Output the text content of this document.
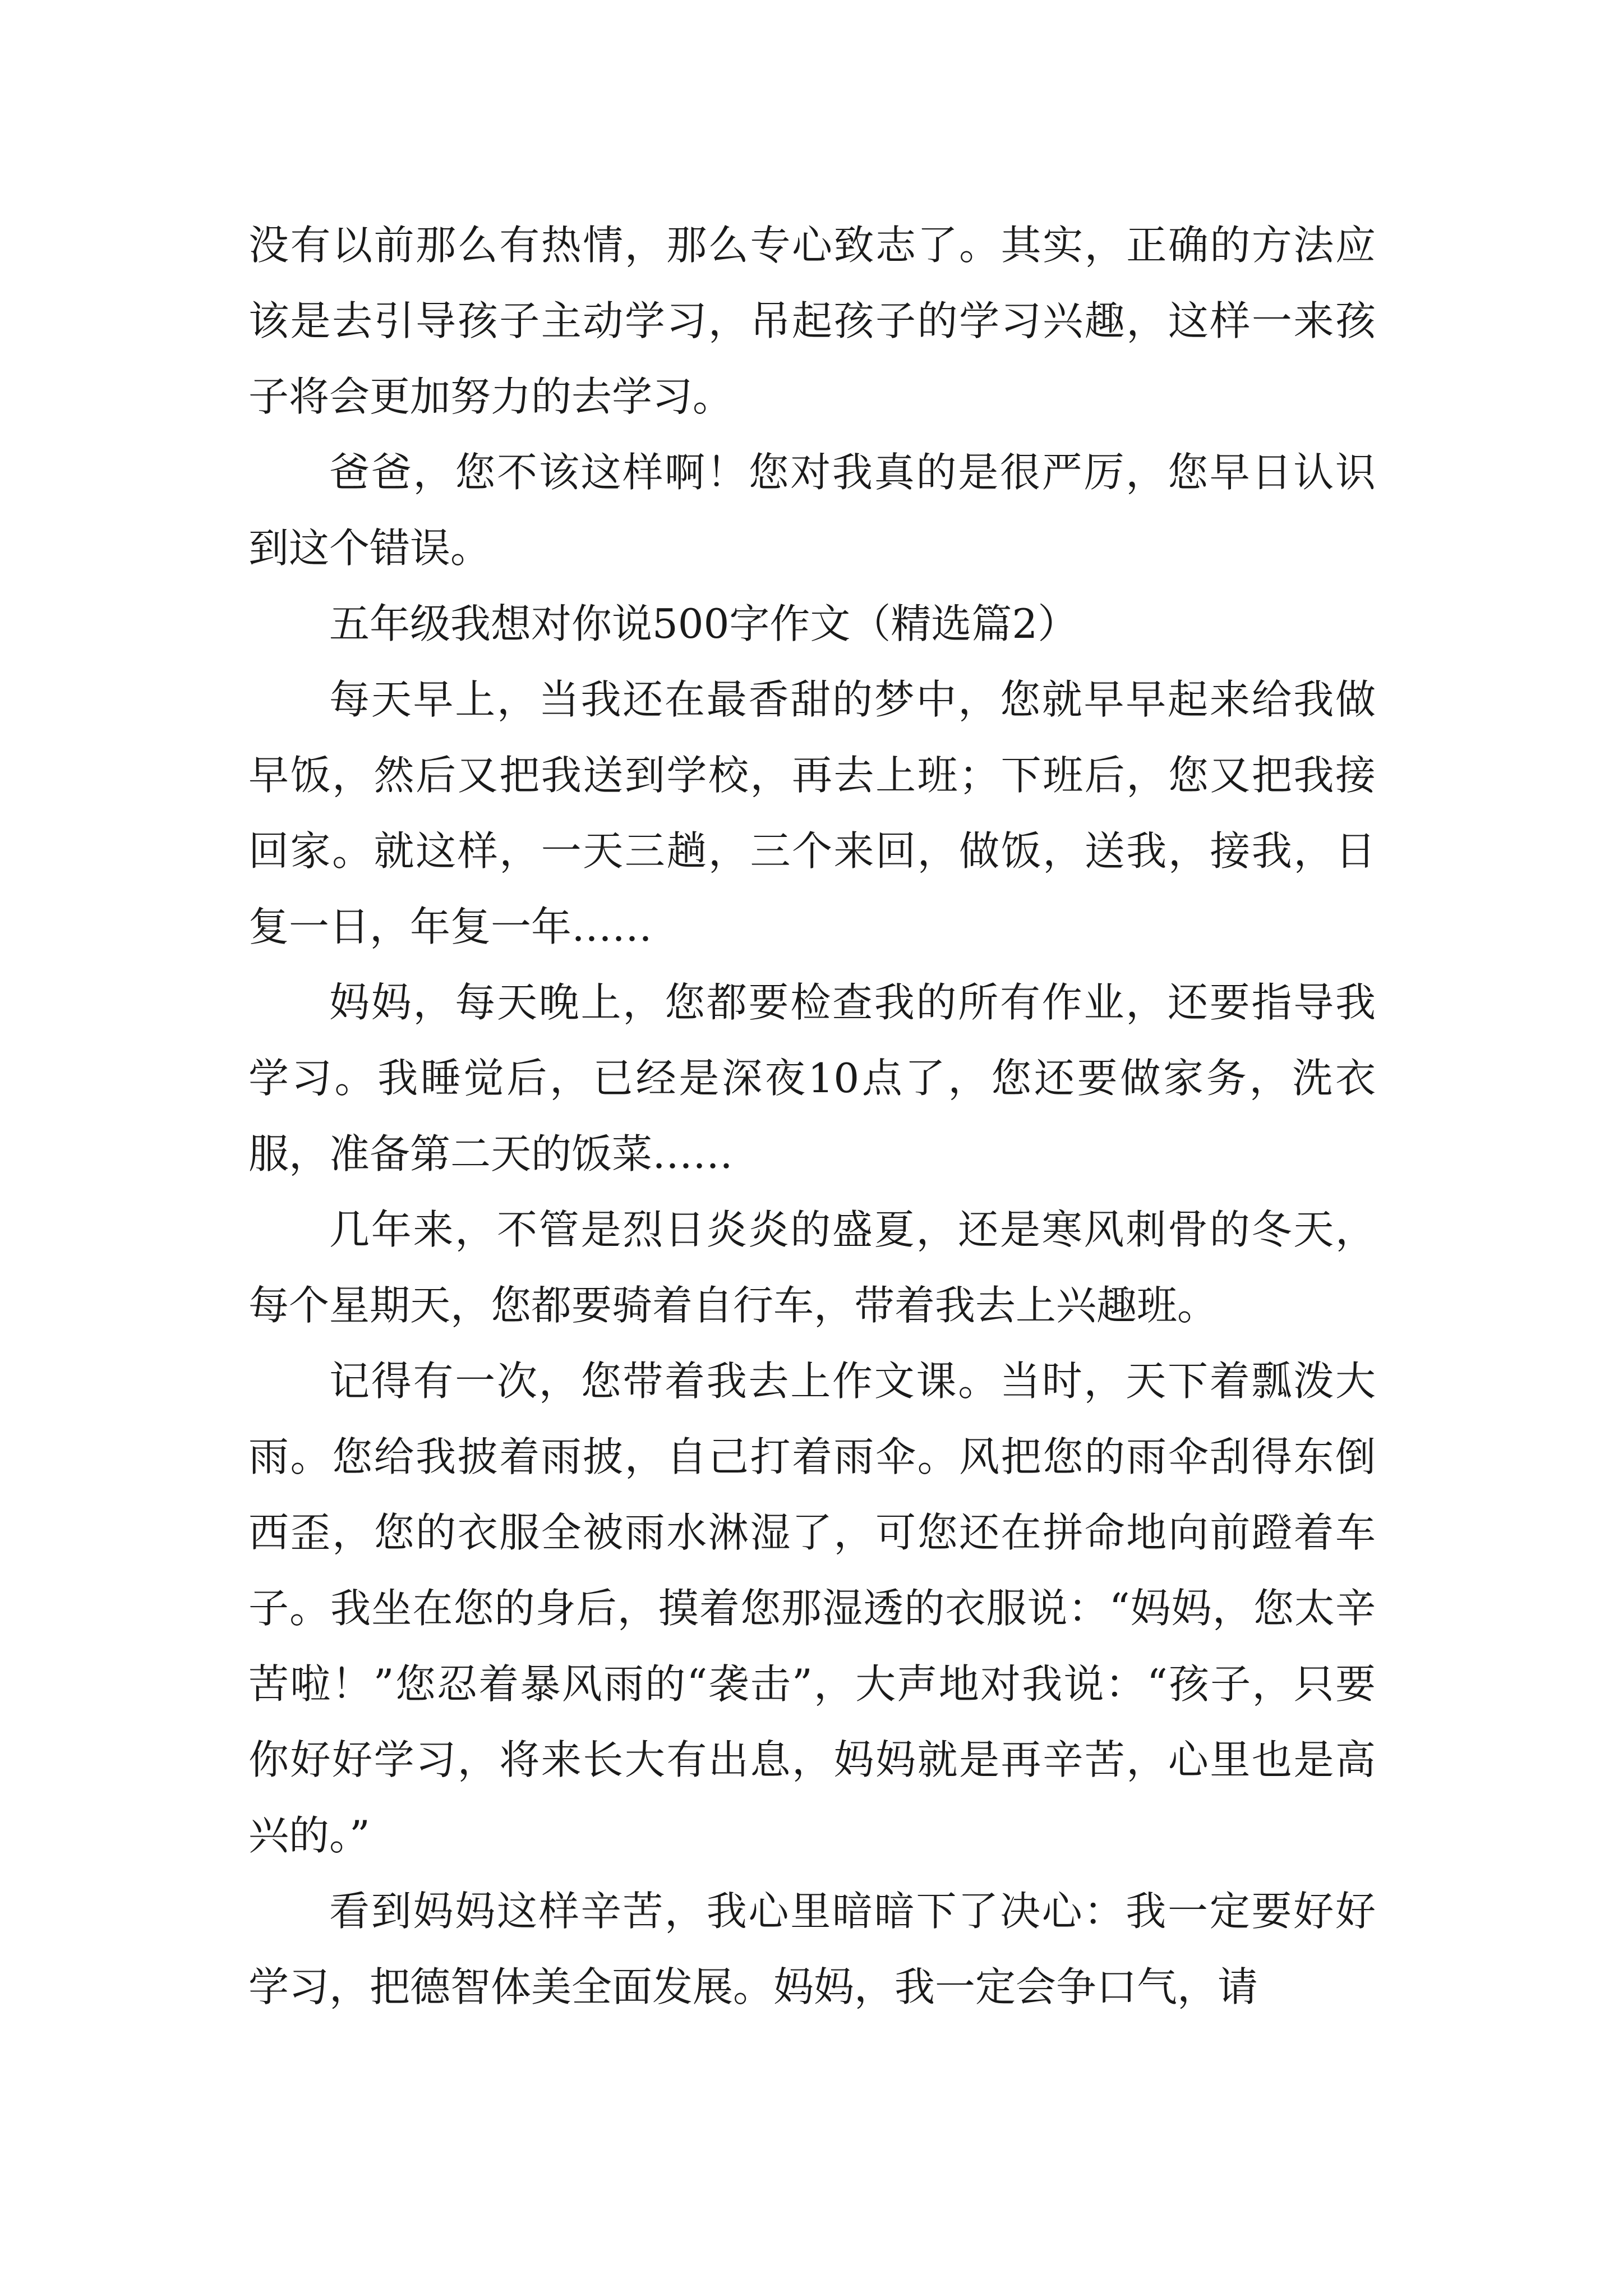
没有以前那么有热情，那么专心致志了。其实，正确的方法应该是去引导孩子主动学习，吊起孩子的学习兴趣，这样一来孩子将会更加努力的去学习。

爸爸，您不该这样啊！您对我真的是很严厉，您早日认识到这个错误。

五年级我想对你说500字作文（精选篇2）

每天早上，当我还在最香甜的梦中，您就早早起来给我做早饭，然后又把我送到学校，再去上班；下班后，您又把我接回家。就这样，一天三趟，三个来回，做饭，送我，接我，日复一日，年复一年……

妈妈，每天晚上，您都要检查我的所有作业，还要指导我学习。我睡觉后，已经是深夜10点了，您还要做家务，洗衣服，准备第二天的饭菜……

几年来，不管是烈日炎炎的盛夏，还是寒风刺骨的冬天，每个星期天，您都要骑着自行车，带着我去上兴趣班。

记得有一次，您带着我去上作文课。当时，天下着瓢泼大雨。您给我披着雨披，自己打着雨伞。风把您的雨伞刮得东倒西歪，您的衣服全被雨水淋湿了，可您还在拼命地向前蹬着车子。我坐在您的身后，摸着您那湿透的衣服说：“妈妈，您太辛苦啦！”您忍着暴风雨的“袭击”，大声地对我说：“孩子，只要你好好学习，将来长大有出息，妈妈就是再辛苦，心里也是高兴的。”

看到妈妈这样辛苦，我心里暗暗下了决心：我一定要好好学习，把德智体美全面发展。妈妈，我一定会争口气，请
